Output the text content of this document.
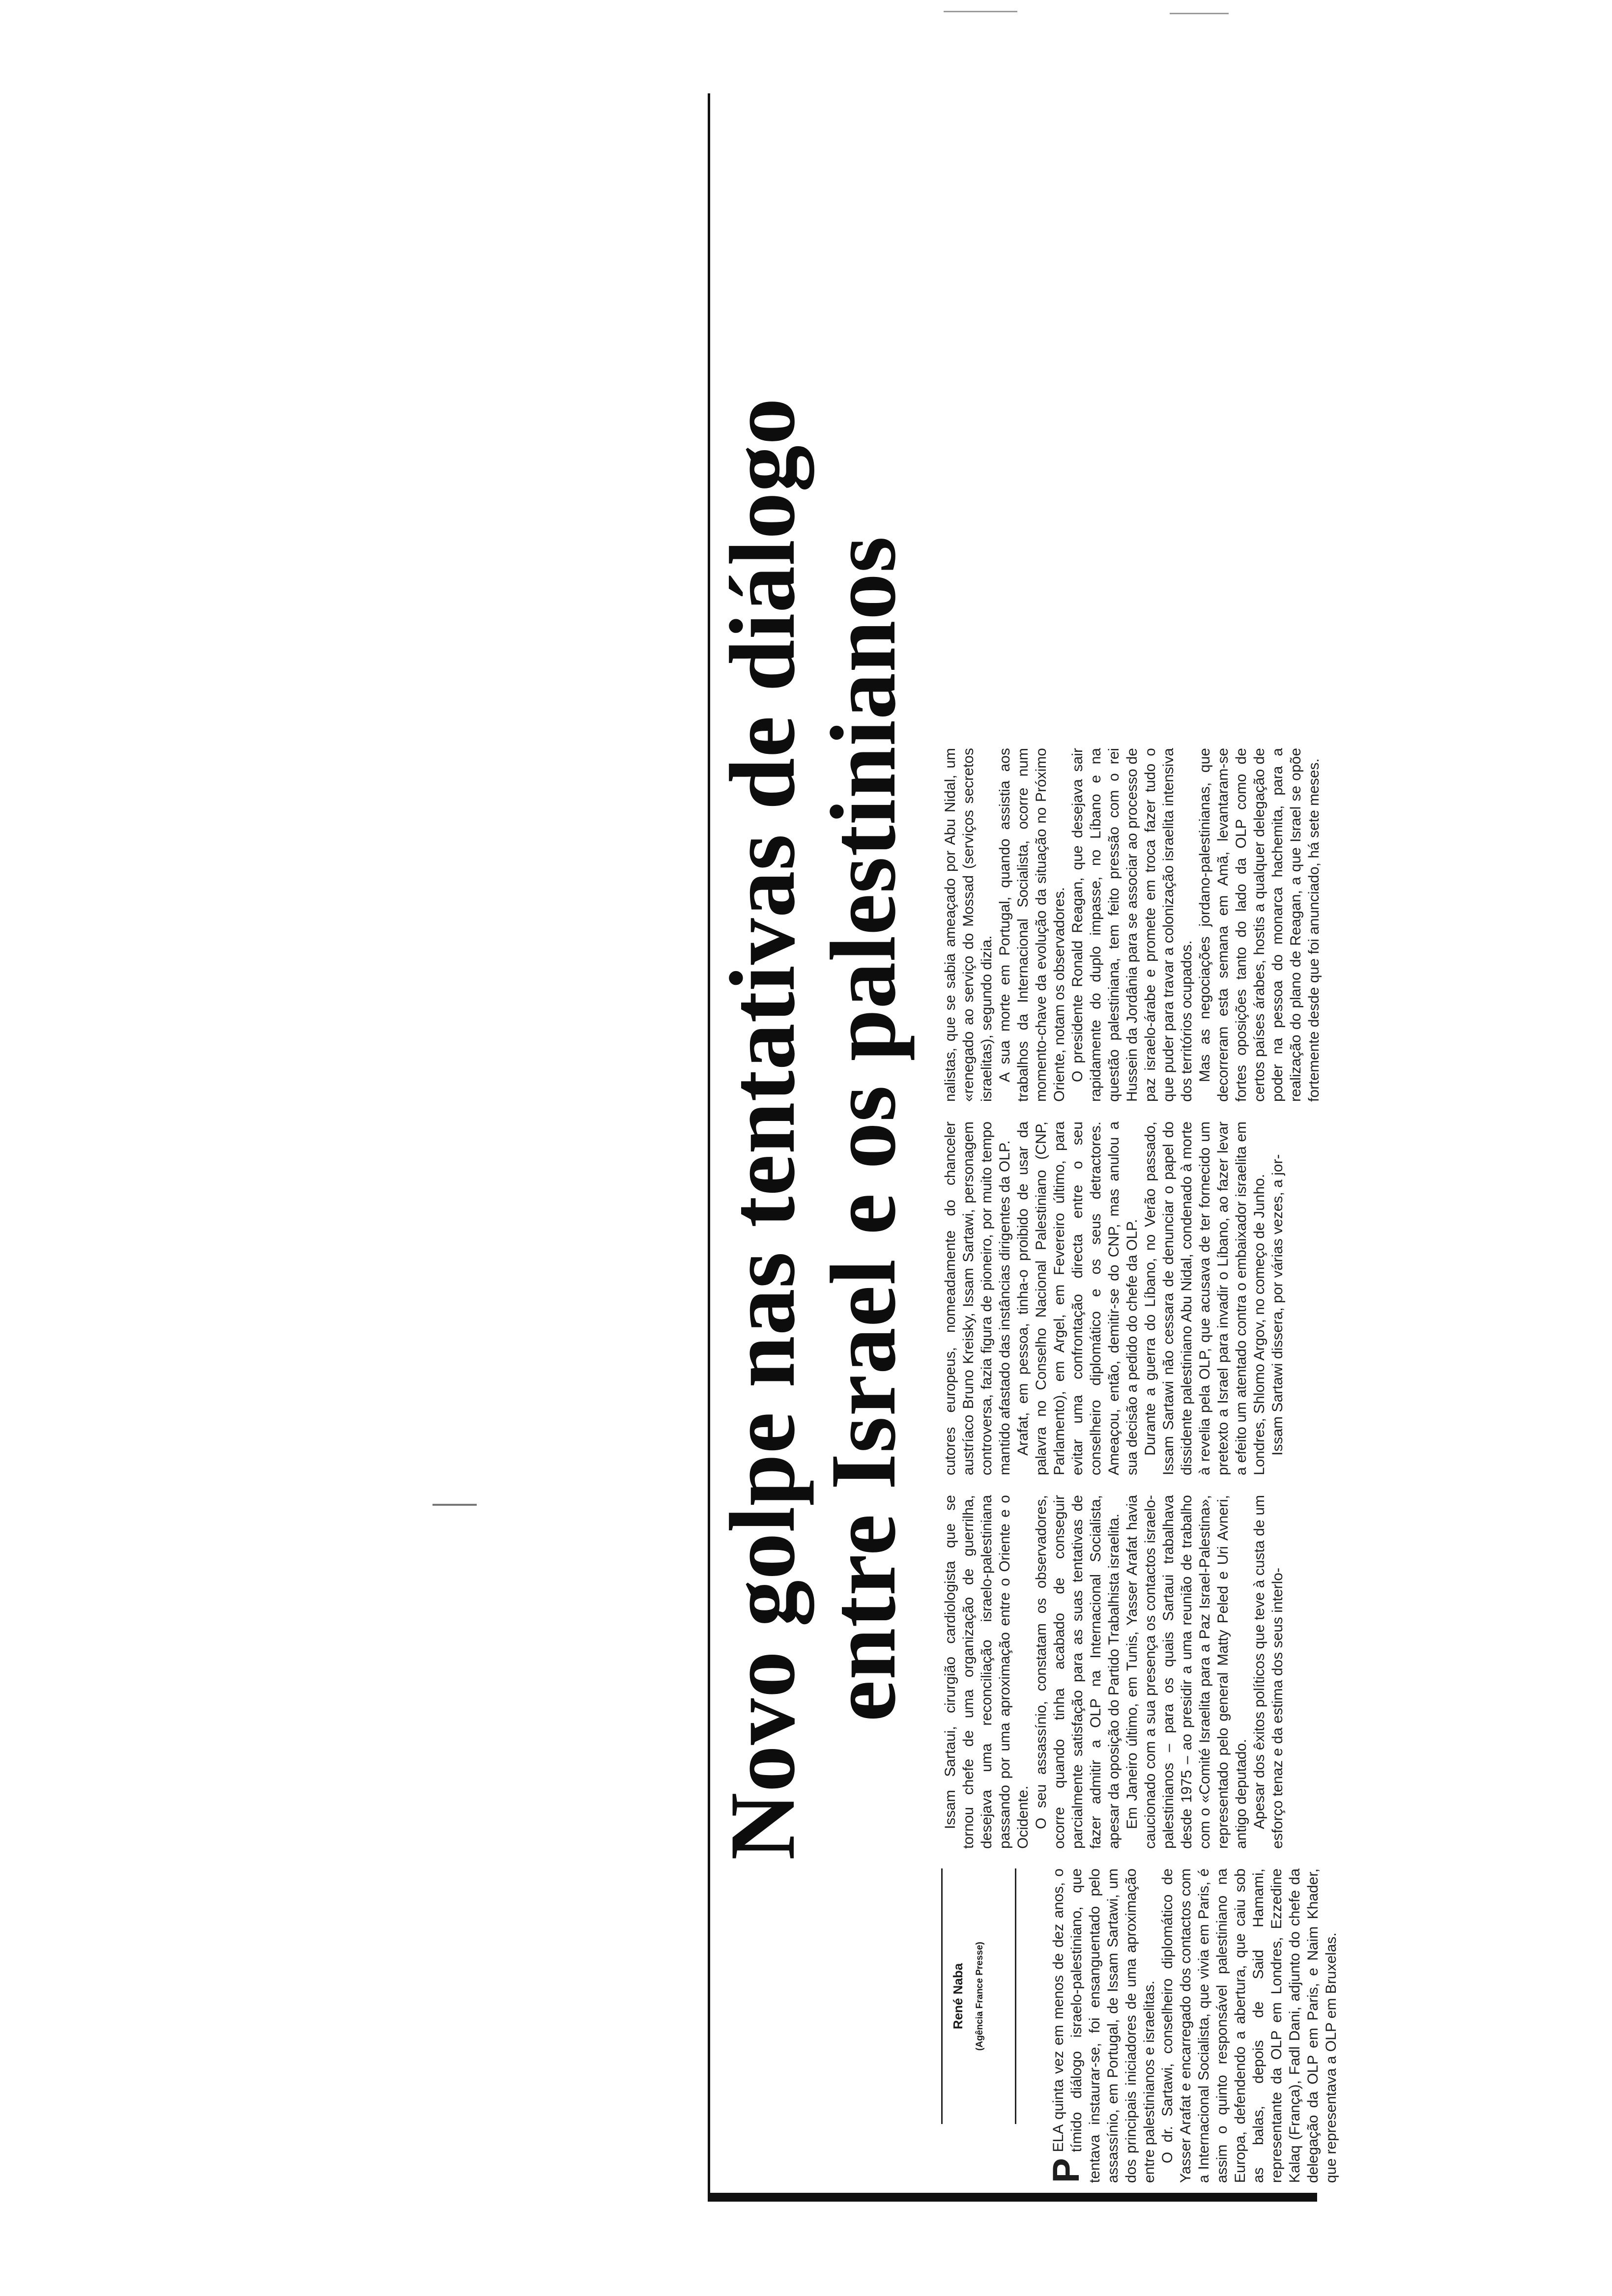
Novo golpe nas tentativas de diálogo
entre Israel e os palestinianos
René Naba (Agência France Presse)

P
ELA quinta vez em menos de dez anos, o tímido diálogo israelo-palestiniano, que tentava instaurar-se, foi ensanguentado pelo assassínio, em Portugal, de Issam Sartawi, um dos principais iniciadores de uma aproximação entre palestinianos e israelitas. O dr. Sartawi, conselheiro diplomático de Yasser Arafat e encarregado dos contactos com a Internacional Socialista, que vivia em Paris, é assim o quinto responsável palestiniano na Europa, defendendo a abertura, que caiu sob as balas, depois de Said Hamami, representante da OLP em Londres, Ezzedine Kalaq (França), Fadl Dani, adjunto do chefe da delegação da OLP em Paris, e Naim Khader, que representava a OLP em Bruxelas.

Issam Sartaui, cirurgião cardiologista que se tornou chefe de uma organização de guerrilha, desejava uma reconciliação israelo-palestiniana passando por uma aproximação entre o Oriente e o Ocidente. O seu assassínio, constatam os observadores, ocorre quando tinha acabado de conseguir parcialmente satisfação para as suas tentativas de fazer admitir a OLP na Internacional Socialista, apesar da oposição do Partido Trabalhista israelita. Em Janeiro último, em Tunis, Yasser Arafat havia caucionado com a sua presença os contactos israelo-palestinianos – para os quais Sartaui trabalhava desde 1975 – ao presidir a uma reunião de trabalho com o «Comité Israelita para a Paz Israel-Palestina», representado pelo general Matty Peled e Uri Avneri, antigo deputado. Apesar dos êxitos políticos que teve à custa de um esforço tenaz e da estima dos seus interlo-

cutores europeus, nomeadamente do chanceler austríaco Bruno Kreisky, Issam Sartawi, personagem controversa, fazia figura de pioneiro, por muito tempo mantido afastado das instâncias dirigentes da OLP. Arafat, em pessoa, tinha-o proibido de usar da palavra no Conselho Nacional Palestiniano (CNP, Parlamento), em Argel, em Fevereiro último, para evitar uma confrontação directa entre o seu conselheiro diplomático e os seus detractores. Ameaçou, então, demitir-se do CNP, mas anulou a sua decisão a pedido do chefe da OLP. Durante a guerra do Líbano, no Verão passado, Issam Sartawi não cessara de denunciar o papel do dissidente palestiniano Abu Nidal, condenado à morte à revelia pela OLP, que acusava de ter fornecido um pretexto a Israel para invadir o Líbano, ao fazer levar a efeito um atentado contra o embaixador israelita em Londres, Shlomo Argov, no começo de Junho. Issam Sartawi dissera, por várias vezes, a jor-

nalistas, que se sabia ameaçado por Abu Nidal, um «renegado ao serviço do Mossad (serviços secretos israelitas), segundo dizia. A sua morte em Portugal, quando assistia aos trabalhos da Internacional Socialista, ocorre num momento-chave da evolução da situação no Próximo Oriente, notam os observadores. O presidente Ronald Reagan, que desejava sair rapidamente do duplo impasse, no Líbano e na questão palestiniana, tem feito pressão com o rei Hussein da Jordânia para se associar ao processo de paz israelo-árabe e promete em troca fazer tudo o que puder para travar a colonização israelita intensiva dos territórios ocupados. Mas as negociações jordano-palestinianas, que decorreram esta semana em Amã, levantaram-se fortes oposições tanto do lado da OLP como de certos países árabes, hostis a qualquer delegação de poder na pessoa do monarca hachemita, para a realização do plano de Reagan, a que Israel se opõe fortemente desde que foi anunciado, há sete meses.
